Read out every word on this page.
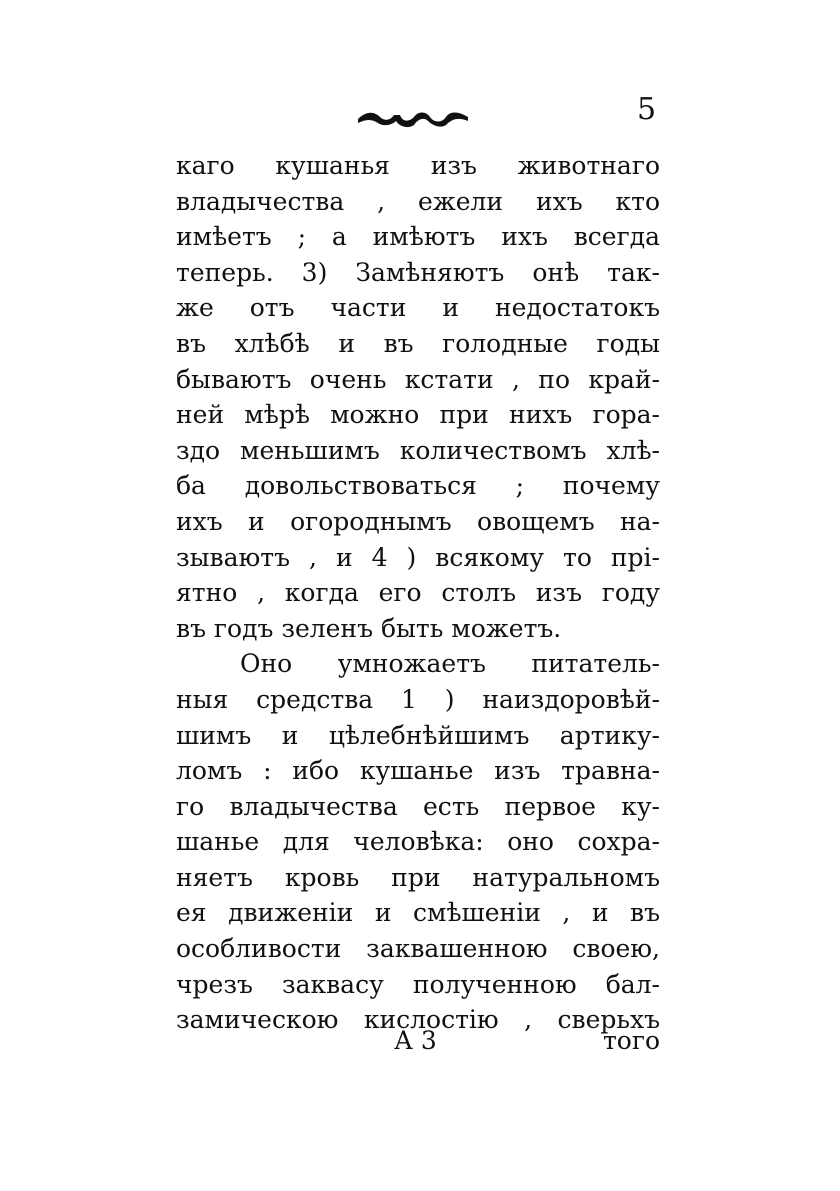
5
каго кушанья изъ животнаго
владычества , ежели ихъ кто
имѣетъ ; а имѣютъ ихъ всегда
теперь. 3) Замѣняютъ онѣ так-
же отъ части и недостатокъ
въ хлѣбѣ и въ голодные годы
бываютъ очень кстати , по край-
ней мѣрѣ можно при нихъ гора-
здо меньшимъ количествомъ хлѣ-
ба довольствоваться ; почему
ихъ и огороднымъ овощемъ на-
зываютъ , и 4 ) всякому то прі-
ятно , когда его столъ изъ году
въ годъ зеленъ быть можетъ.
Оно умножаетъ питатель-
ныя средства 1 ) наиздоровѣй-
шимъ и цѣлебнѣйшимъ артику-
ломъ : ибо кушанье изъ травна-
го владычества есть первое ку-
шанье для человѣка: оно сохра-
няетъ кровь при натуральномъ
ея движеніи и смѣшеніи , и въ
особливости заквашенною своею,
чрезъ заквасу полученною бал-
замическою кислостію , сверьхъ
А 3	того
